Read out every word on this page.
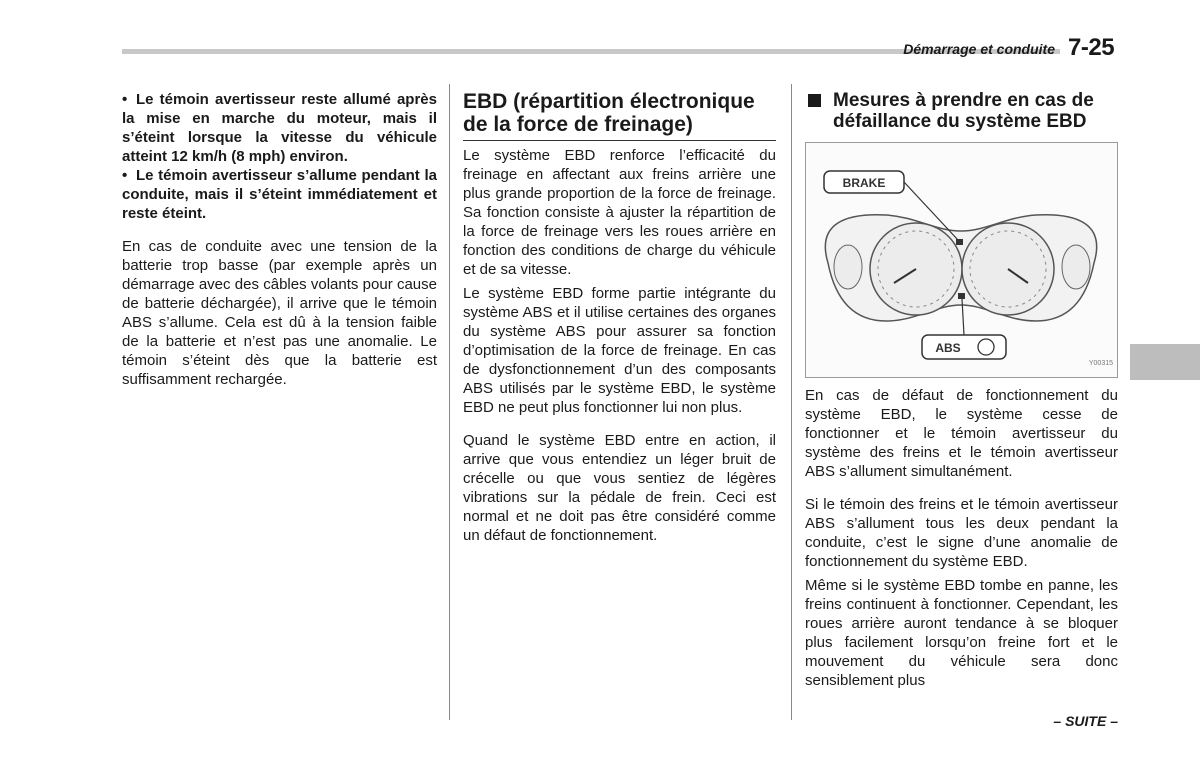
Démarrage et conduite 7-25

• Le témoin avertisseur reste allumé après la mise en marche du moteur, mais il s’éteint lorsque la vitesse du véhicule atteint 12 km/h (8 mph) environ.

• Le témoin avertisseur s’allume pendant la conduite, mais il s’éteint immédiatement et reste éteint.

En cas de conduite avec une tension de la batterie trop basse (par exemple après un démarrage avec des câbles volants pour cause de batterie déchargée), il arrive que le témoin ABS s’allume. Cela est dû à la tension faible de la batterie et n’est pas une anomalie. Le témoin s’éteint dès que la batterie est suffisamment rechargée.

EBD (répartition électronique de la force de freinage)

Le système EBD renforce l’efficacité du freinage en affectant aux freins arrière une plus grande proportion de la force de freinage. Sa fonction consiste à ajuster la répartition de la force de freinage vers les roues arrière en fonction des conditions de charge du véhicule et de sa vitesse.

Le système EBD forme partie intégrante du système ABS et il utilise certaines des organes du système ABS pour assurer sa fonction d’optimisation de la force de freinage. En cas de dysfonctionnement d’un des composants ABS utilisés par le système EBD, le système EBD ne peut plus fonctionner lui non plus.

Quand le système EBD entre en action, il arrive que vous entendiez un léger bruit de crécelle ou que vous sentiez de légères vibrations sur la pédale de frein. Ceci est normal et ne doit pas être considéré comme un défaut de fonctionnement.

Mesures à prendre en cas de défaillance du système EBD
BRAKE
ABS
Y00315

En cas de défaut de fonctionnement du système EBD, le système cesse de fonctionner et le témoin avertisseur du système des freins et le témoin avertisseur ABS s’allument simultanément.

Si le témoin des freins et le témoin avertisseur ABS s’allument tous les deux pendant la conduite, c’est le signe d’une anomalie de fonctionnement du système EBD.

Même si le système EBD tombe en panne, les freins continuent à fonctionner. Cependant, les roues arrière auront tendance à se bloquer plus facilement lorsqu’on freine fort et le mouvement du véhicule sera donc sensiblement plus

– SUITE –
